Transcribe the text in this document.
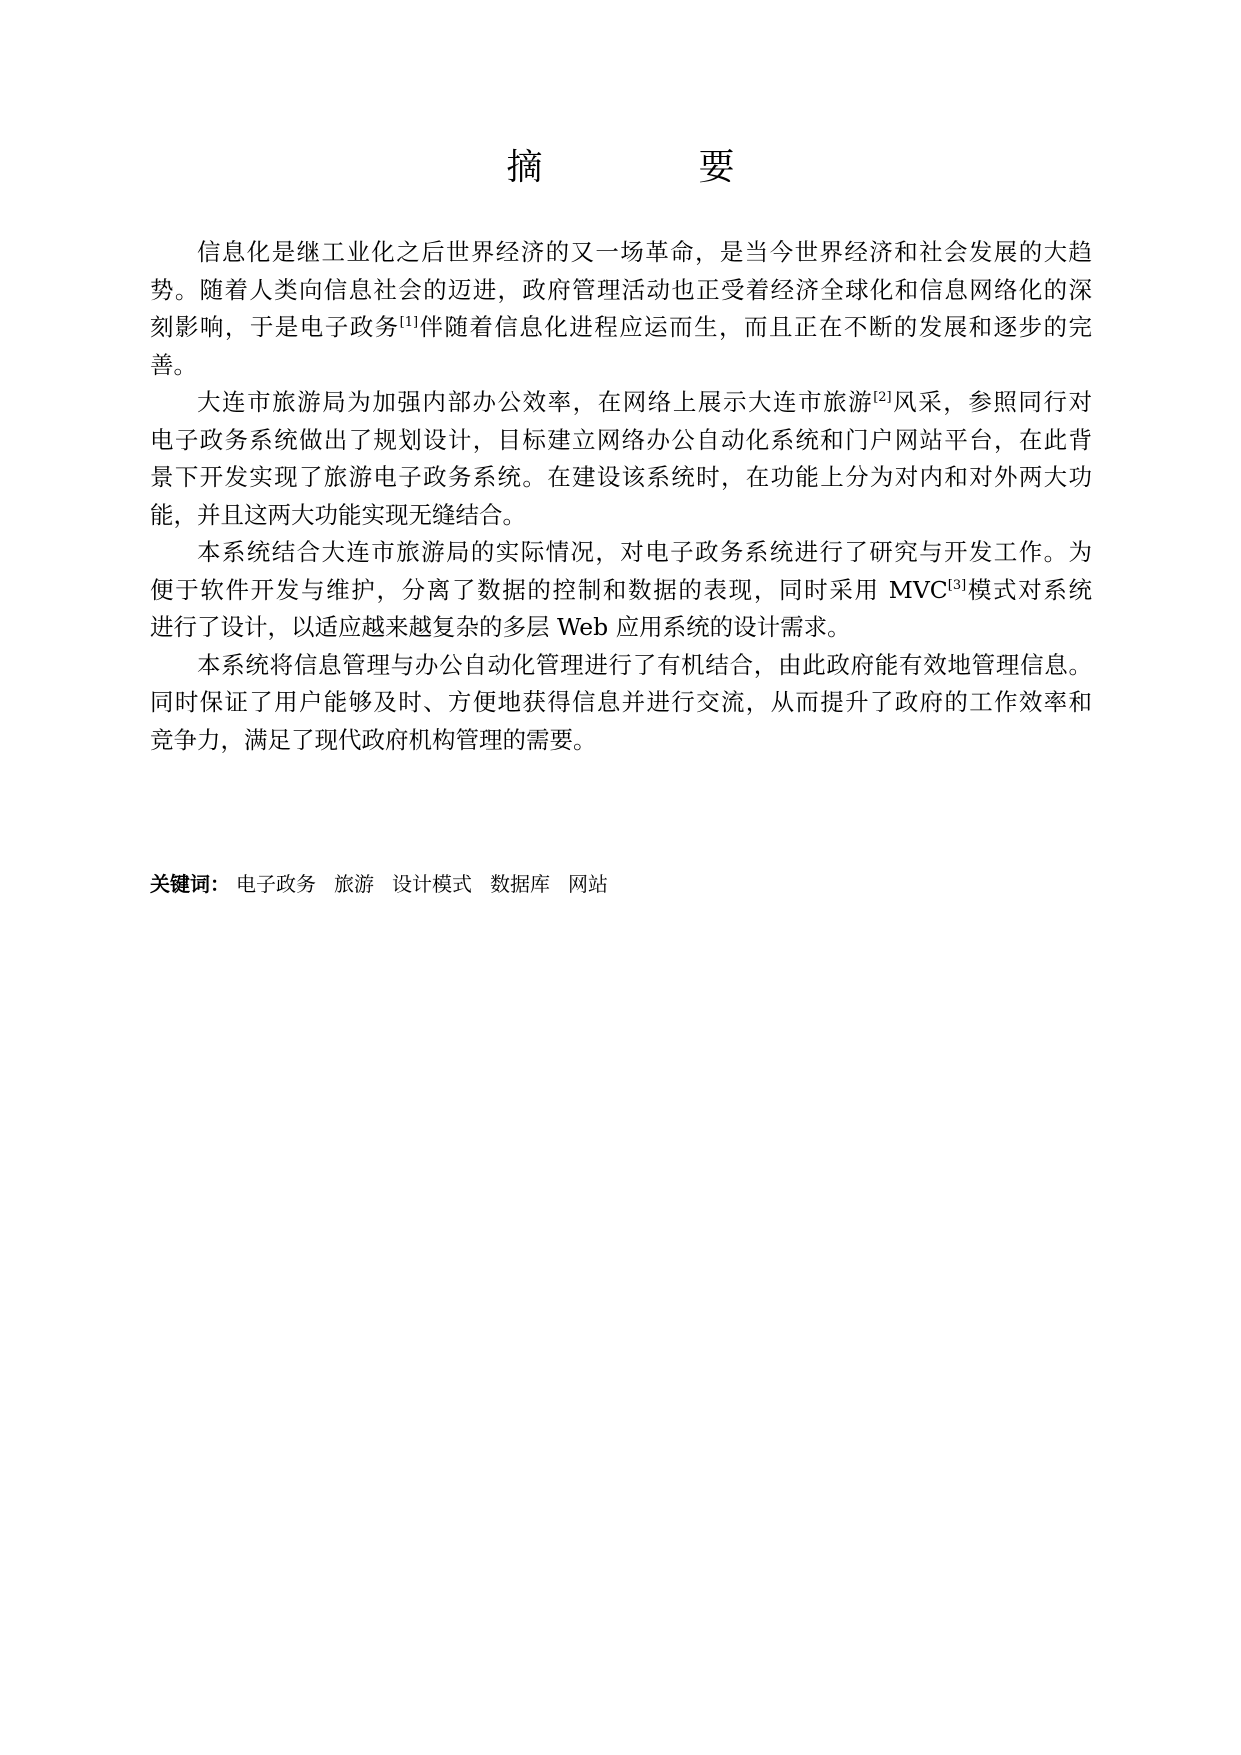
摘　要
信息化是继工业化之后世界经济的又一场革命，是当今世界经济和社会发展的大趋
势。随着人类向信息社会的迈进，政府管理活动也正受着经济全球化和信息网络化的深
刻影响，于是电子政务[1]伴随着信息化进程应运而生，而且正在不断的发展和逐步的完
善。
大连市旅游局为加强内部办公效率，在网络上展示大连市旅游[2]风采，参照同行对
电子政务系统做出了规划设计，目标建立网络办公自动化系统和门户网站平台，在此背
景下开发实现了旅游电子政务系统。在建设该系统时，在功能上分为对内和对外两大功
能，并且这两大功能实现无缝结合。
本系统结合大连市旅游局的实际情况，对电子政务系统进行了研究与开发工作。为
便于软件开发与维护，分离了数据的控制和数据的表现，同时采用 MVC[3]模式对系统
进行了设计，以适应越来越复杂的多层 Web 应用系统的设计需求。
本系统将信息管理与办公自动化管理进行了有机结合，由此政府能有效地管理信息。
同时保证了用户能够及时、方便地获得信息并进行交流，从而提升了政府的工作效率和
竞争力，满足了现代政府机构管理的需要。
关键词： 电子政务 旅游 设计模式 数据库 网站
